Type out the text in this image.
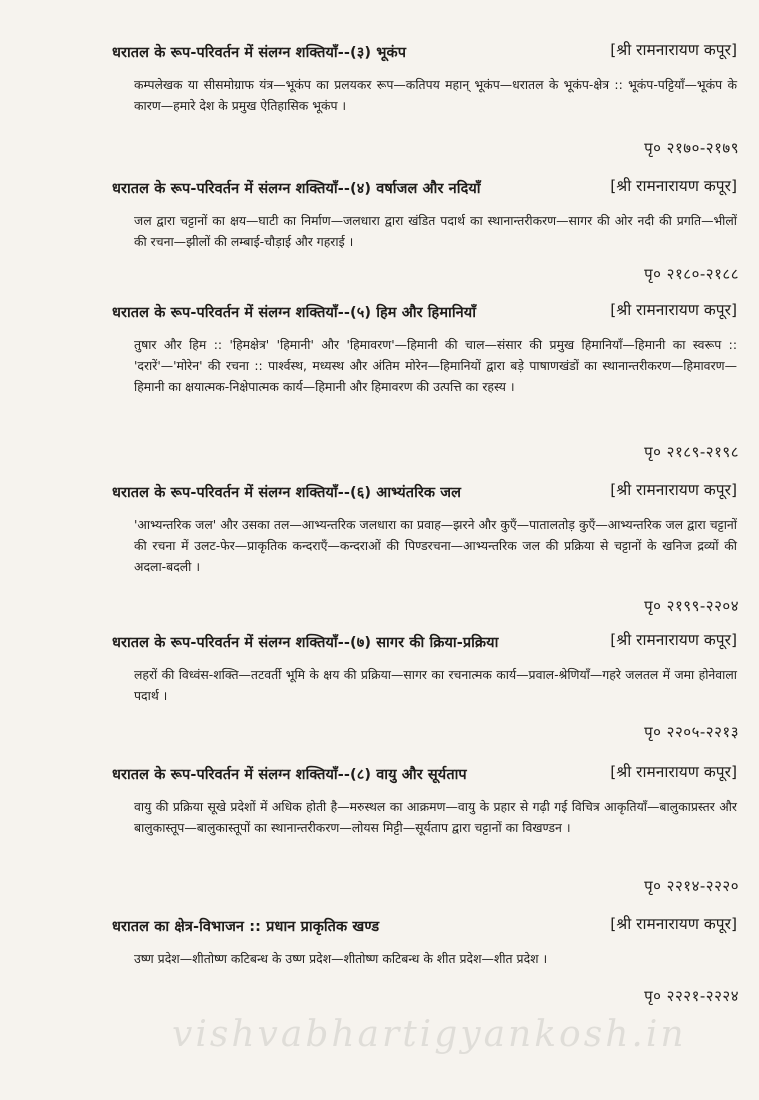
धरातल के रूप-परिवर्तन में संलग्न शक्तियाँ--(३) भूकंप	[श्री रामनारायण कपूर]
कम्पलेखक या सीसमोग्राफ यंत्र—भूकंप का प्रलयकर रूप—कतिपय महान् भूकंप—धरातल के भूकंप-क्षेत्र :: भूकंप-पट्टियाँ—भूकंप के कारण—हमारे देश के प्रमुख ऐतिहासिक भूकंप ।
पृ० २१७०-२१७९
धरातल के रूप-परिवर्तन में संलग्न शक्तियाँ--(४) वर्षाजल और नदियाँ	[श्री रामनारायण कपूर]
जल द्वारा चट्टानों का क्षय—घाटी का निर्माण—जलधारा द्वारा खंडित पदार्थ का स्थानान्तरीकरण—सागर की ओर नदी की प्रगति—भीलों की रचना—झीलों की लम्बाई-चौड़ाई और गहराई ।
पृ० २१८०-२१८८
धरातल के रूप-परिवर्तन में संलग्न शक्तियाँ--(५) हिम और हिमानियाँ	[श्री रामनारायण कपूर]
तुषार और हिम :: 'हिमक्षेत्र' 'हिमानी' और 'हिमावरण'—हिमानी की चाल—संसार की प्रमुख हिमानियाँ—हिमानी का स्वरूप :: 'दरारें'—'मोरेन' की रचना :: पार्श्वस्थ, मध्यस्थ और अंतिम मोरेन—हिमानियों द्वारा बड़े पाषाणखंडों का स्थानान्तरीकरण—हिमावरण—हिमानी का क्षयात्मक-निक्षेपात्मक कार्य—हिमानी और हिमावरण की उत्पत्ति का रहस्य ।
पृ० २१८९-२१९८
धरातल के रूप-परिवर्तन में संलग्न शक्तियाँ--(६) आभ्यंतरिक जल	[श्री रामनारायण कपूर]
'आभ्यन्तरिक जल' और उसका तल—आभ्यन्तरिक जलधारा का प्रवाह—झरने और कुएँ—पातालतोड़ कुएँ—आभ्यन्तरिक जल द्वारा चट्टानों की रचना में उलट-फेर—प्राकृतिक कन्दराएँ—कन्दराओं की पिण्डरचना—आभ्यन्तरिक जल की प्रक्रिया से चट्टानों के खनिज द्रव्यों की अदला-बदली ।
पृ० २१९९-२२०४
धरातल के रूप-परिवर्तन में संलग्न शक्तियाँ--(७) सागर की क्रिया-प्रक्रिया	[श्री रामनारायण कपूर]
लहरों की विध्वंस-शक्ति—तटवर्ती भूमि के क्षय की प्रक्रिया—सागर का रचनात्मक कार्य—प्रवाल-श्रेणियाँ—गहरे जलतल में जमा होनेवाला पदार्थ ।
पृ० २२०५-२२१३
धरातल के रूप-परिवर्तन में संलग्न शक्तियाँ--(८) वायु और सूर्यताप	[श्री रामनारायण कपूर]
वायु की प्रक्रिया सूखे प्रदेशों में अधिक होती है—मरुस्थल का आक्रमण—वायु के प्रहार से गढ़ी गई विचित्र आकृतियाँ—बालुकाप्रस्तर और बालुकास्तूप—बालुकास्तूपों का स्थानान्तरीकरण—लोयस मिट्टी—सूर्यताप द्वारा चट्टानों का विखण्डन ।
पृ० २२१४-२२२०
धरातल का क्षेत्र-विभाजन :: प्रधान प्राकृतिक खण्ड	[श्री रामनारायण कपूर]
उष्ण प्रदेश—शीतोष्ण कटिबन्ध के उष्ण प्रदेश—शीतोष्ण कटिबन्ध के शीत प्रदेश—शीत प्रदेश ।
पृ० २२२१-२२२४
vishvabhartigyankosh.in
